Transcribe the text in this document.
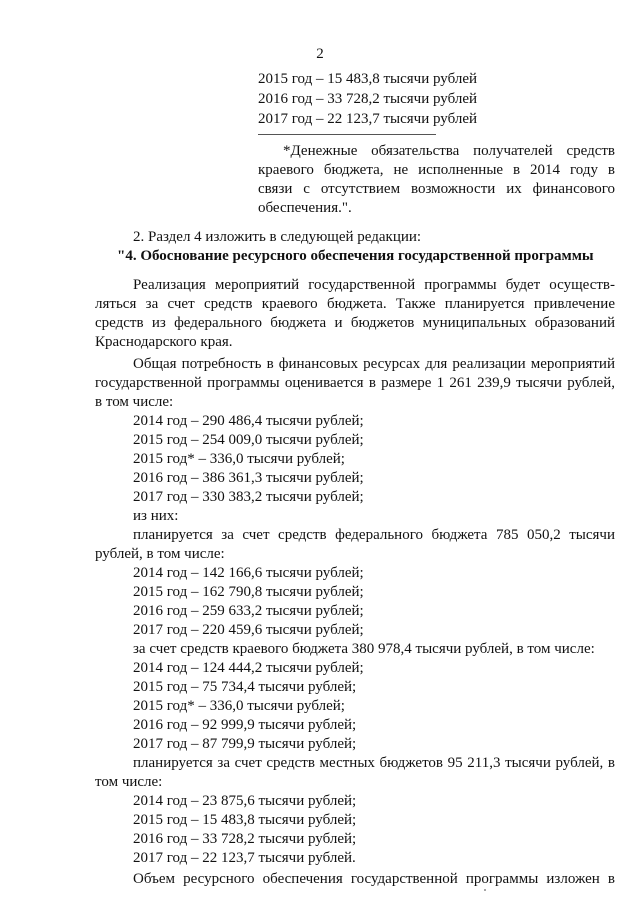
2
2015 год – 15 483,8 тысячи рублей
2016 год – 33 728,2 тысячи рублей
2017 год – 22 123,7 тысячи рублей
*Денежные обязательства получателей средств
краевого бюджета, не исполненные в 2014 году в
связи с отсутствием возможности их финансового
обеспечения.".
2. Раздел 4 изложить в следующей редакции:
"4. Обоснование ресурсного обеспечения государственной программы
Реализация мероприятий государственной программы будет осуществ-
ляться за счет средств краевого бюджета. Также планируется привлечение
средств из федерального бюджета и бюджетов муниципальных образований
Краснодарского края.
Общая потребность в финансовых ресурсах для реализации мероприятий
государственной программы оценивается в размере 1 261 239,9 тысячи рублей,
в том числе:
2014 год – 290 486,4 тысячи рублей;
2015 год – 254 009,0 тысячи рублей;
2015 год* – 336,0 тысячи рублей;
2016 год – 386 361,3 тысячи рублей;
2017 год – 330 383,2 тысячи рублей;
из них:
планируется за счет средств федерального бюджета 785 050,2 тысячи
рублей, в том числе:
2014 год – 142 166,6 тысячи рублей;
2015 год – 162 790,8 тысячи рублей;
2016 год – 259 633,2 тысячи рублей;
2017 год – 220 459,6 тысячи рублей;
за счет средств краевого бюджета 380 978,4 тысячи рублей, в том числе:
2014 год – 124 444,2 тысячи рублей;
2015 год – 75 734,4 тысячи рублей;
2015 год* – 336,0 тысячи рублей;
2016 год – 92 999,9 тысячи рублей;
2017 год – 87 799,9 тысячи рублей;
планируется за счет средств местных бюджетов 95 211,3 тысячи рублей, в
том числе:
2014 год – 23 875,6 тысячи рублей;
2015 год – 15 483,8 тысячи рублей;
2016 год – 33 728,2 тысячи рублей;
2017 год – 22 123,7 тысячи рублей.
Объем ресурсного обеспечения государственной программы изложен в
